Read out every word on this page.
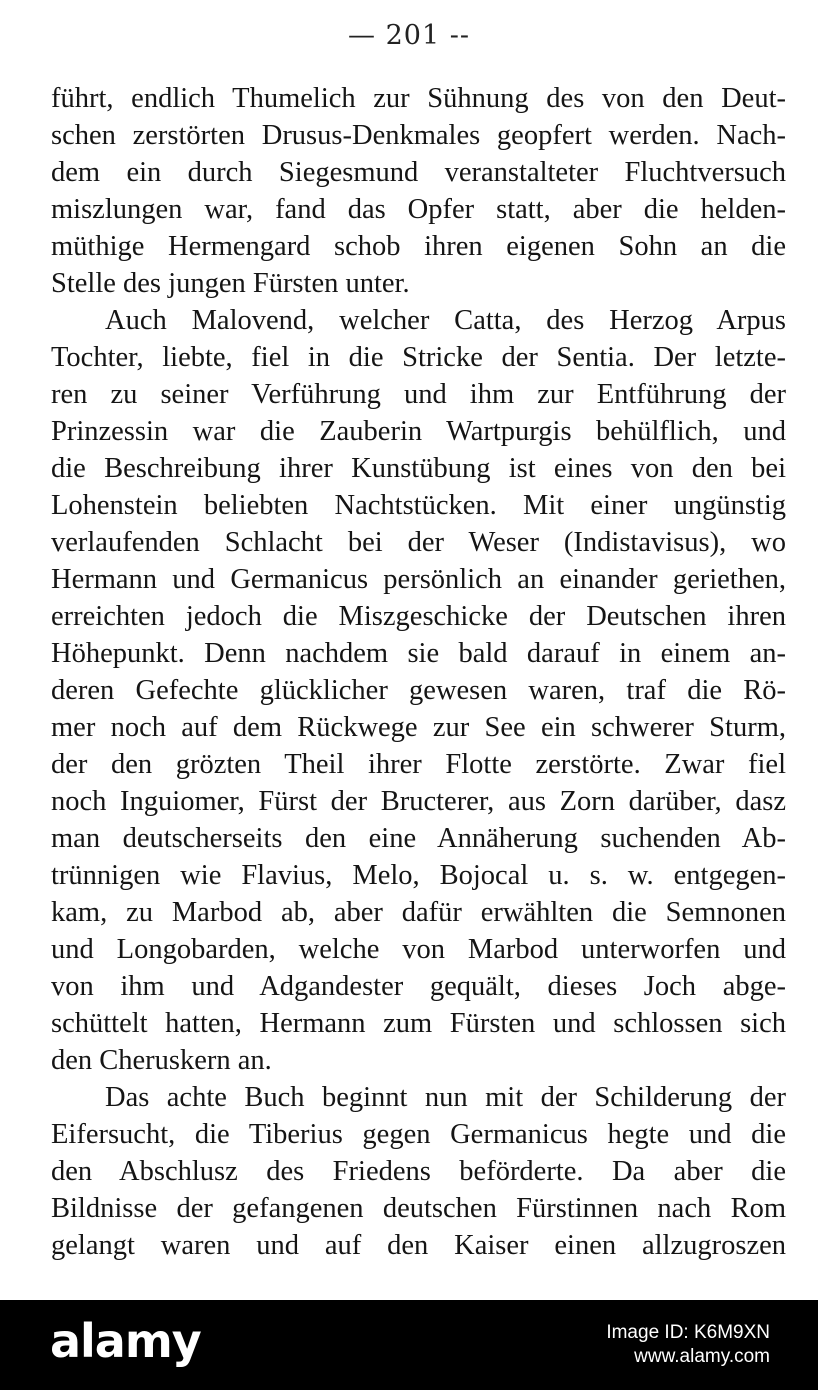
— 201 --
führt, endlich Thumelich zur Sühnung des von den Deut-
schen zerstörten Drusus-Denkmales geopfert werden. Nach-
dem ein durch Siegesmund veranstalteter Fluchtversuch
miszlungen war, fand das Opfer statt, aber die helden-
müthige Hermengard schob ihren eigenen Sohn an die
Stelle des jungen Fürsten unter.
Auch Malovend, welcher Catta, des Herzog Arpus
Tochter, liebte, fiel in die Stricke der Sentia. Der letzte-
ren zu seiner Verführung und ihm zur Entführung der
Prinzessin war die Zauberin Wartpurgis behülflich, und
die Beschreibung ihrer Kunstübung ist eines von den bei
Lohenstein beliebten Nachtstücken. Mit einer ungünstig
verlaufenden Schlacht bei der Weser (Indistavisus), wo
Hermann und Germanicus persönlich an einander geriethen,
erreichten jedoch die Miszgeschicke der Deutschen ihren
Höhepunkt. Denn nachdem sie bald darauf in einem an-
deren Gefechte glücklicher gewesen waren, traf die Rö-
mer noch auf dem Rückwege zur See ein schwerer Sturm,
der den grözten Theil ihrer Flotte zerstörte. Zwar fiel
noch Inguiomer, Fürst der Bructerer, aus Zorn darüber, dasz
man deutscherseits den eine Annäherung suchenden Ab-
trünnigen wie Flavius, Melo, Bojocal u. s. w. entgegen-
kam, zu Marbod ab, aber dafür erwählten die Semnonen
und Longobarden, welche von Marbod unterworfen und
von ihm und Adgandester gequält, dieses Joch abge-
schüttelt hatten, Hermann zum Fürsten und schlossen sich
den Cheruskern an.
Das achte Buch beginnt nun mit der Schilderung der
Eifersucht, die Tiberius gegen Germanicus hegte und die
den Abschlusz des Friedens beförderte. Da aber die
Bildnisse der gefangenen deutschen Fürstinnen nach Rom
gelangt waren und auf den Kaiser einen allzugroszen
alamy	Image ID: K6M9XN
www.alamy.com
